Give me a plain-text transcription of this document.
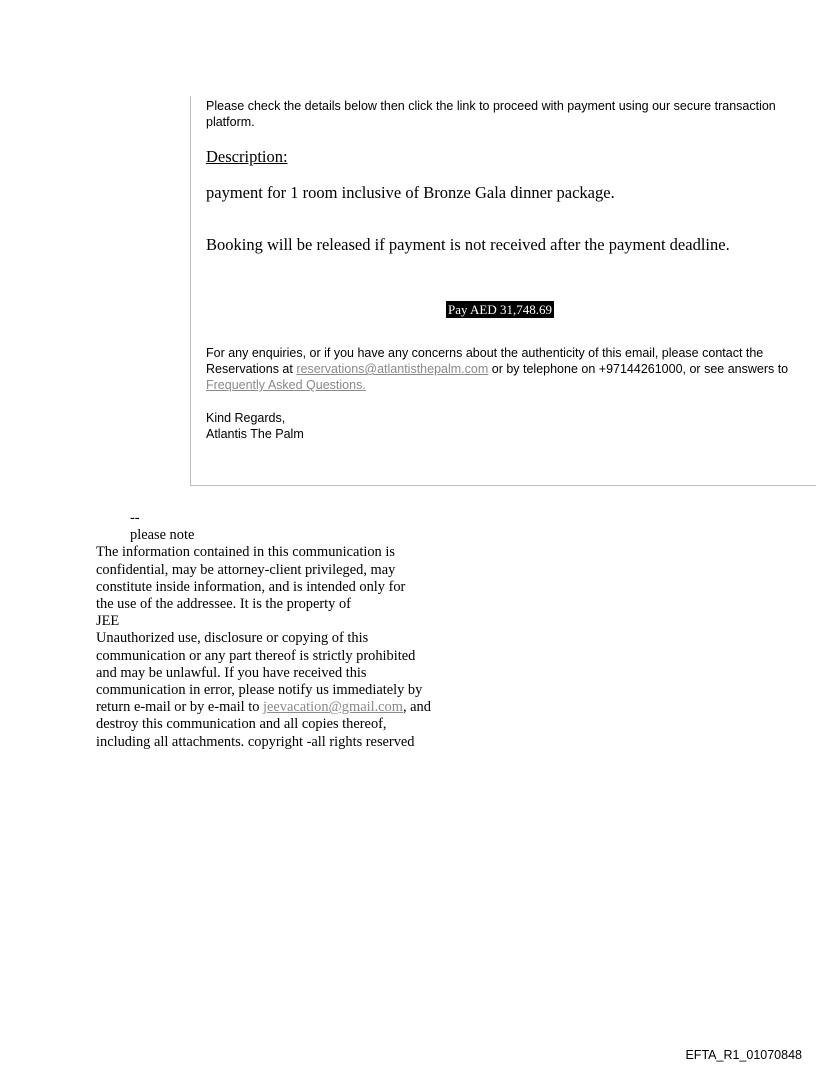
Please check the details below then click the link to proceed with payment using our secure transaction platform.
Description:
payment for 1 room inclusive of Bronze Gala dinner package.
Booking will be released if payment is not received after the payment deadline.
Pay AED 31,748.69
For any enquiries, or if you have any concerns about the authenticity of this email, please contact the Reservations at reservations@atlantisthepalm.com or by telephone on +97144261000, or see answers to
Frequently Asked Questions.
Kind Regards,
Atlantis The Palm
--
please note
The information contained in this communication is
confidential, may be attorney-client privileged, may
constitute inside information, and is intended only for
the use of the addressee. It is the property of
JEE
Unauthorized use, disclosure or copying of this
communication or any part thereof is strictly prohibited
and may be unlawful. If you have received this
communication in error, please notify us immediately by
return e-mail or by e-mail to jeevacation@gmail.com, and
destroy this communication and all copies thereof,
including all attachments. copyright -all rights reserved
EFTA_R1_01070848
